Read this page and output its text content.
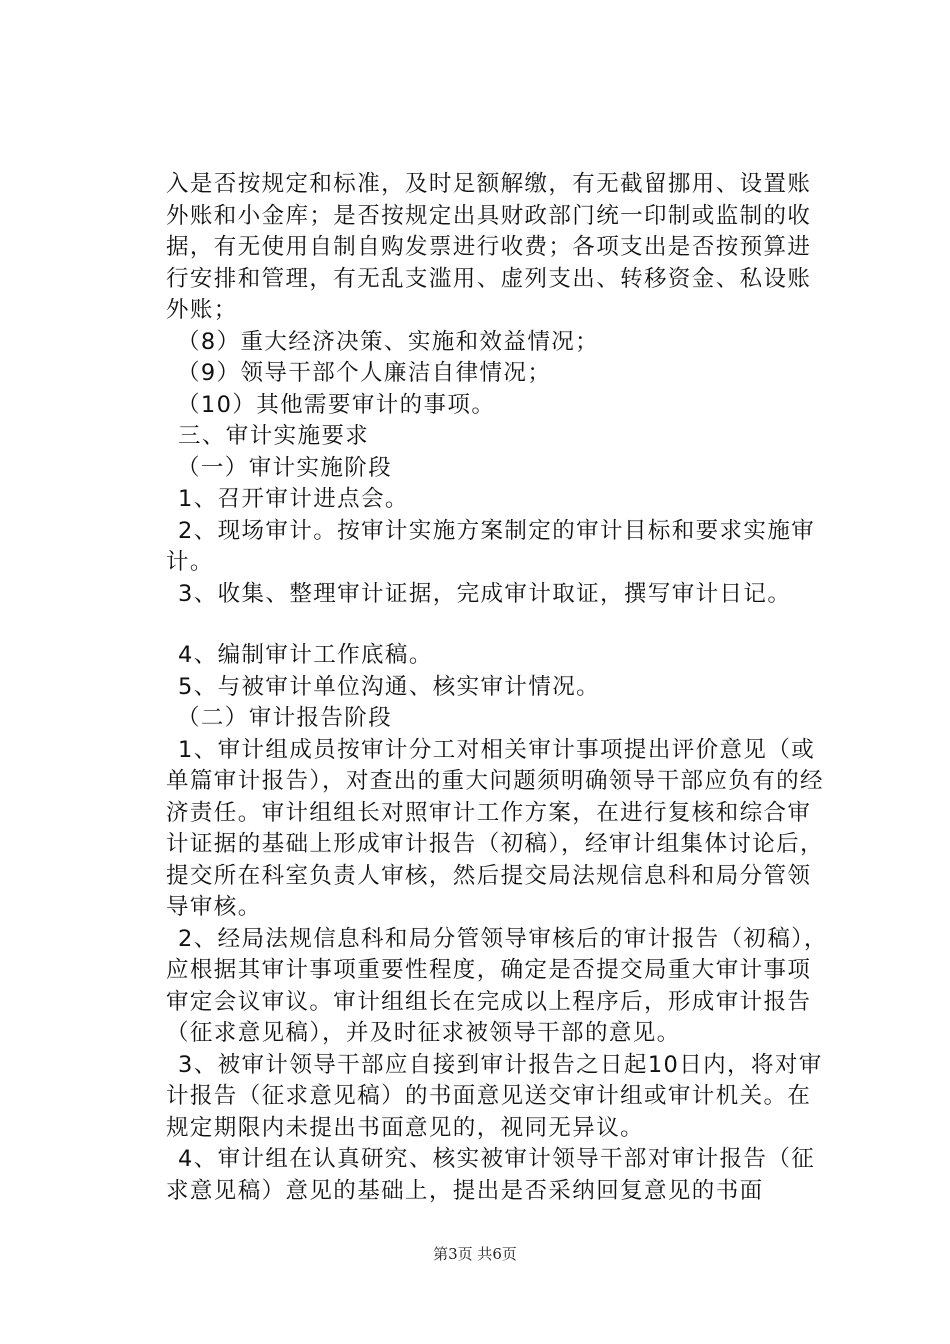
入是否按规定和标准，及时足额解缴，有无截留挪用、设置账外账和小金库；是否按规定出具财政部门统一印制或监制的收据，有无使用自制自购发票进行收费；各项支出是否按预算进行安排和管理，有无乱支滥用、虚列支出、转移资金、私设账外账；

（8）重大经济决策、实施和效益情况；

（9）领导干部个人廉洁自律情况；

（10）其他需要审计的事项。

三、审计实施要求

（一）审计实施阶段

1、召开审计进点会。

2、现场审计。按审计实施方案制定的审计目标和要求实施审计。

3、收集、整理审计证据，完成审计取证，撰写审计日记。

4、编制审计工作底稿。

5、与被审计单位沟通、核实审计情况。

（二）审计报告阶段

1、审计组成员按审计分工对相关审计事项提出评价意见（或单篇审计报告），对查出的重大问题须明确领导干部应负有的经济责任。审计组组长对照审计工作方案，在进行复核和综合审计证据的基础上形成审计报告（初稿），经审计组集体讨论后，提交所在科室负责人审核，然后提交局法规信息科和局分管领导审核。

2、经局法规信息科和局分管领导审核后的审计报告（初稿），应根据其审计事项重要性程度，确定是否提交局重大审计事项审定会议审议。审计组组长在完成以上程序后，形成审计报告（征求意见稿），并及时征求被领导干部的意见。

3、被审计领导干部应自接到审计报告之日起10日内，将对审计报告（征求意见稿）的书面意见送交审计组或审计机关。在规定期限内未提出书面意见的，视同无异议。

4、审计组在认真研究、核实被审计领导干部对审计报告（征求意见稿）意见的基础上，提出是否采纳回复意见的书面

第3页 共6页
